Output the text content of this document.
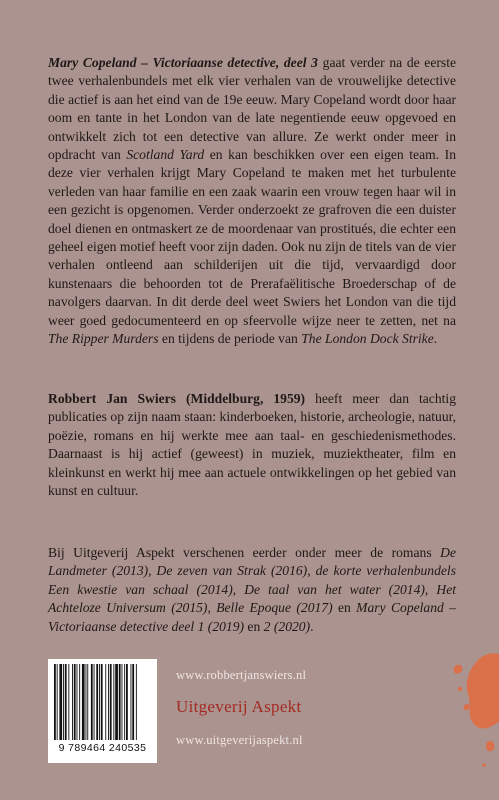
Mary Copeland – Victoriaanse detective, deel 3 gaat verder na de eerste twee verhalenbundels met elk vier verhalen van de vrouwelijke detective die actief is aan het eind van de 19e eeuw. Mary Copeland wordt door haar oom en tante in het London van de late negentiende eeuw opgevoed en ontwikkelt zich tot een detective van allure. Ze werkt onder meer in opdracht van Scotland Yard en kan beschikken over een eigen team. In deze vier verhalen krijgt Mary Copeland te maken met het turbulente verleden van haar familie en een zaak waarin een vrouw tegen haar wil in een gezicht is opgenomen. Verder onderzoekt ze grafroven die een duister doel dienen en ontmaskert ze de moordenaar van prostitués, die echter een geheel eigen motief heeft voor zijn daden. Ook nu zijn de titels van de vier verhalen ontleend aan schilderijen uit die tijd, vervaardigd door kunstenaars die behoorden tot de Prerafaëlitische Broederschap of de navolgers daarvan. In dit derde deel weet Swiers het London van die tijd weer goed gedocumenteerd en op sfeervolle wijze neer te zetten, net na The Ripper Murders en tijdens de periode van The London Dock Strike.

Robbert Jan Swiers (Middelburg, 1959) heeft meer dan tachtig publicaties op zijn naam staan: kinderboeken, historie, archeologie, natuur, poëzie, romans en hij werkte mee aan taal- en geschiedenismethodes. Daarnaast is hij actief (geweest) in muziek, muziektheater, film en kleinkunst en werkt hij mee aan actuele ontwikkelingen op het gebied van kunst en cultuur.

Bij Uitgeverij Aspekt verschenen eerder onder meer de romans De Landmeter (2013), De zeven van Strak (2016), de korte verhalenbundels Een kwestie van schaal (2014), De taal van het water (2014), Het Achteloze Universum (2015), Belle Epoque (2017) en Mary Copeland – Victoriaanse detective deel 1 (2019) en 2 (2020).

9 789464 240535
www.robbertjanswiers.nl
Uitgeverij Aspekt
www.uitgeverijaspekt.nl
